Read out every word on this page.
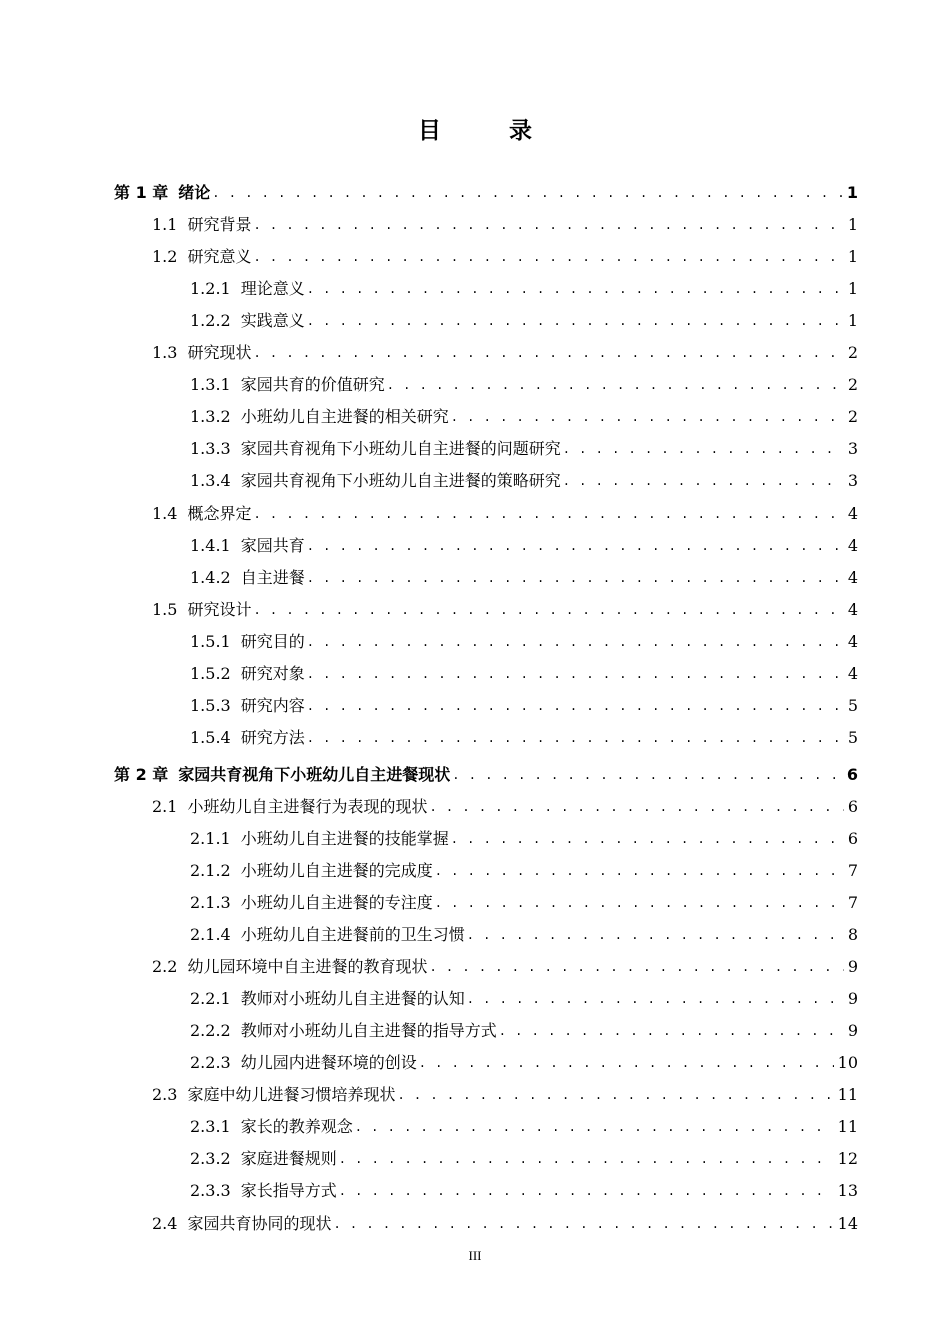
目 录
第 1 章 绪论 . . .	1
1.1 研究背景 . . .	1
1.2 研究意义 . . .	1
1.2.1 理论意义 . . .	1
1.2.2 实践意义 . . .	1
1.3 研究现状 . . .	2
1.3.1 家园共育的价值研究 . . .	2
1.3.2 小班幼儿自主进餐的相关研究 . . .	2
1.3.3 家园共育视角下小班幼儿自主进餐的问题研究 . . .	3
1.3.4 家园共育视角下小班幼儿自主进餐的策略研究 . . .	3
1.4 概念界定 . . .	4
1.4.1 家园共育 . . .	4
1.4.2 自主进餐 . . .	4
1.5 研究设计 . . .	4
1.5.1 研究目的 . . .	4
1.5.2 研究对象 . . .	4
1.5.3 研究内容 . . .	5
1.5.4 研究方法 . . .	5
第 2 章 家园共育视角下小班幼儿自主进餐现状 . . .	6
2.1 小班幼儿自主进餐行为表现的现状 . . .	6
2.1.1 小班幼儿自主进餐的技能掌握 . . .	6
2.1.2 小班幼儿自主进餐的完成度 . . .	7
2.1.3 小班幼儿自主进餐的专注度 . . .	7
2.1.4 小班幼儿自主进餐前的卫生习惯 . . .	8
2.2 幼儿园环境中自主进餐的教育现状 . . .	9
2.2.1 教师对小班幼儿自主进餐的认知 . . .	9
2.2.2 教师对小班幼儿自主进餐的指导方式 . . .	9
2.2.3 幼儿园内进餐环境的创设 . . .	10
2.3 家庭中幼儿进餐习惯培养现状 . . .	11
2.3.1 家长的教养观念 . . .	11
2.3.2 家庭进餐规则 . . .	12
2.3.3 家长指导方式 . . .	13
2.4 家园共育协同的现状 . . .	14
III
